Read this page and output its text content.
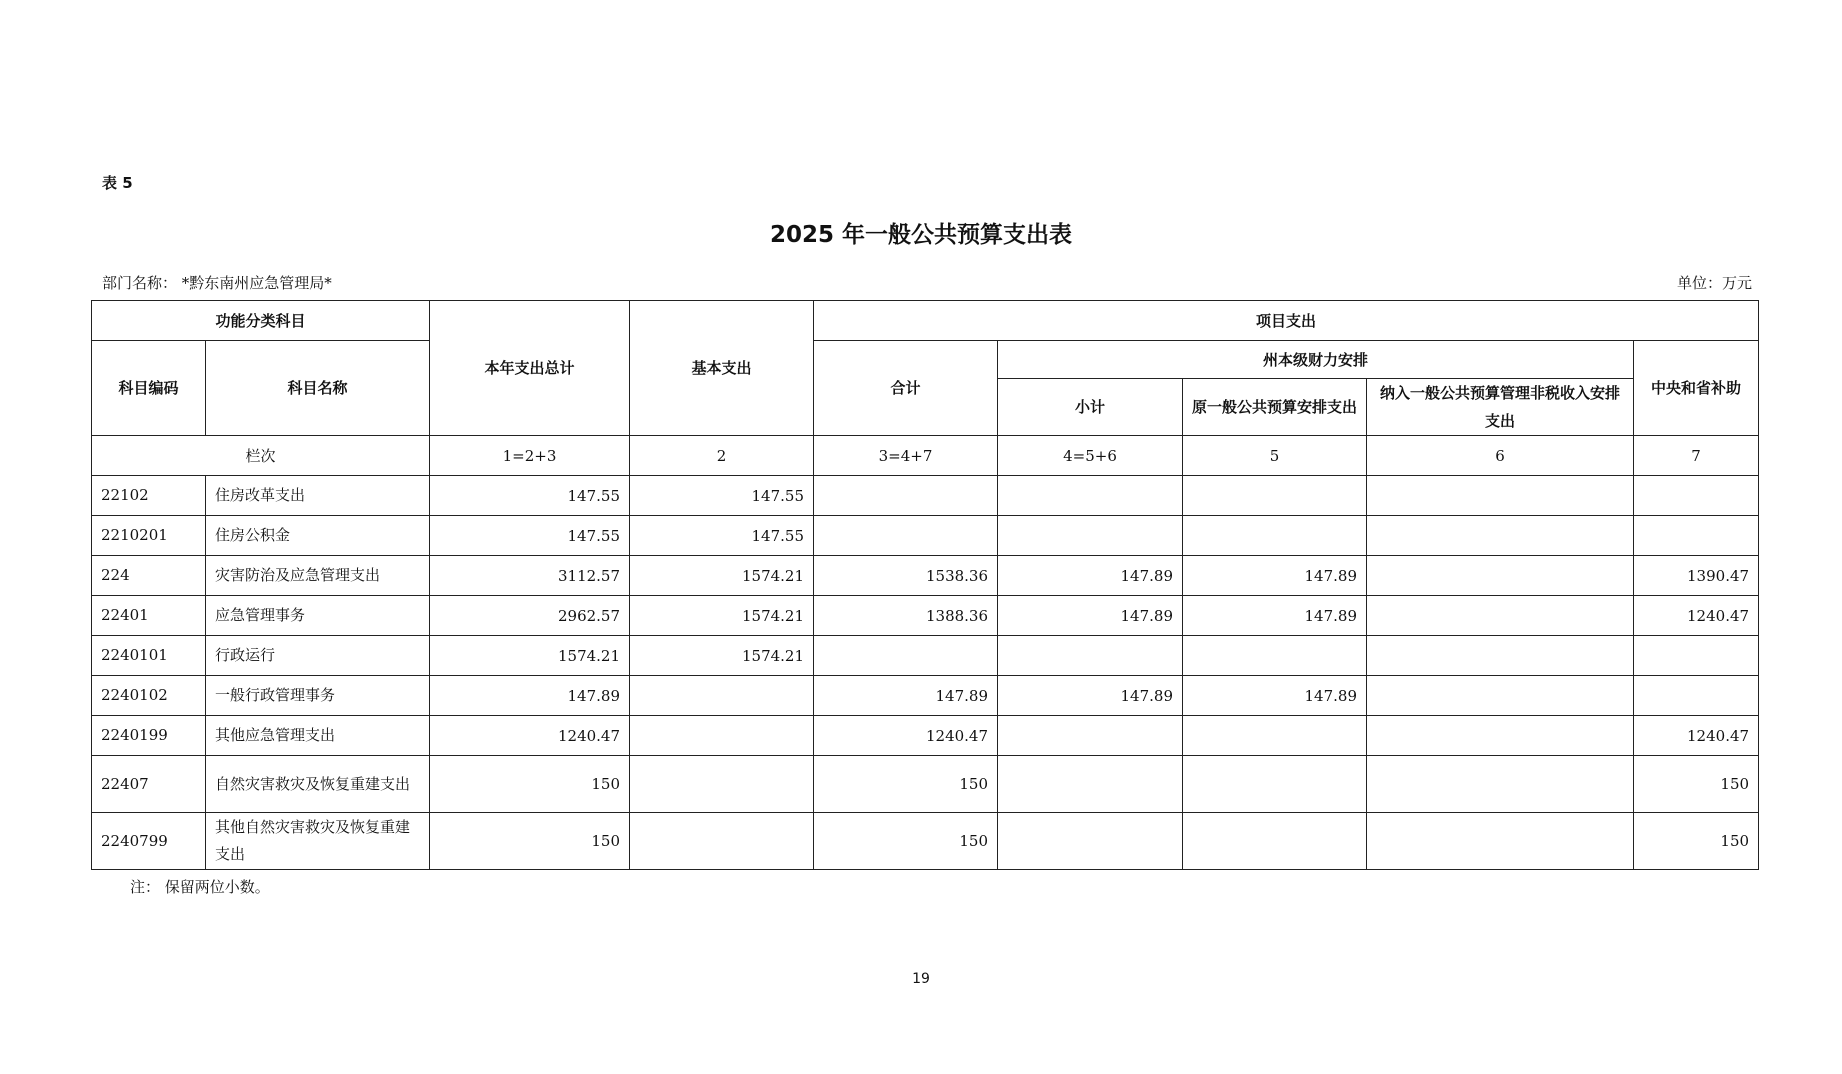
表 5
2025 年一般公共预算支出表
部门名称： *黔东南州应急管理局*	单位：万元
功能分类科目		本年支出总计	基本支出	项目支出				
科目编码	科目名称			合计	州本级财力安排			中央和省补助
					小计	原一般公共预算安排支出	纳入一般公共预算管理非税收入安排支出	
栏次		1=2+3	2	3=4+7	4=5+6	5	6	7
22102	住房改革支出	147.55	147.55					
2210201	住房公积金	147.55	147.55					
224	灾害防治及应急管理支出	3112.57	1574.21	1538.36	147.89	147.89		1390.47
22401	应急管理事务	2962.57	1574.21	1388.36	147.89	147.89		1240.47
2240101	行政运行	1574.21	1574.21					
2240102	一般行政管理事务	147.89		147.89	147.89	147.89		
2240199	其他应急管理支出	1240.47		1240.47				1240.47
22407	自然灾害救灾及恢复重建支出	150		150				150
2240799	其他自然灾害救灾及恢复重建支出	150		150				150
注： 保留两位小数。
19
